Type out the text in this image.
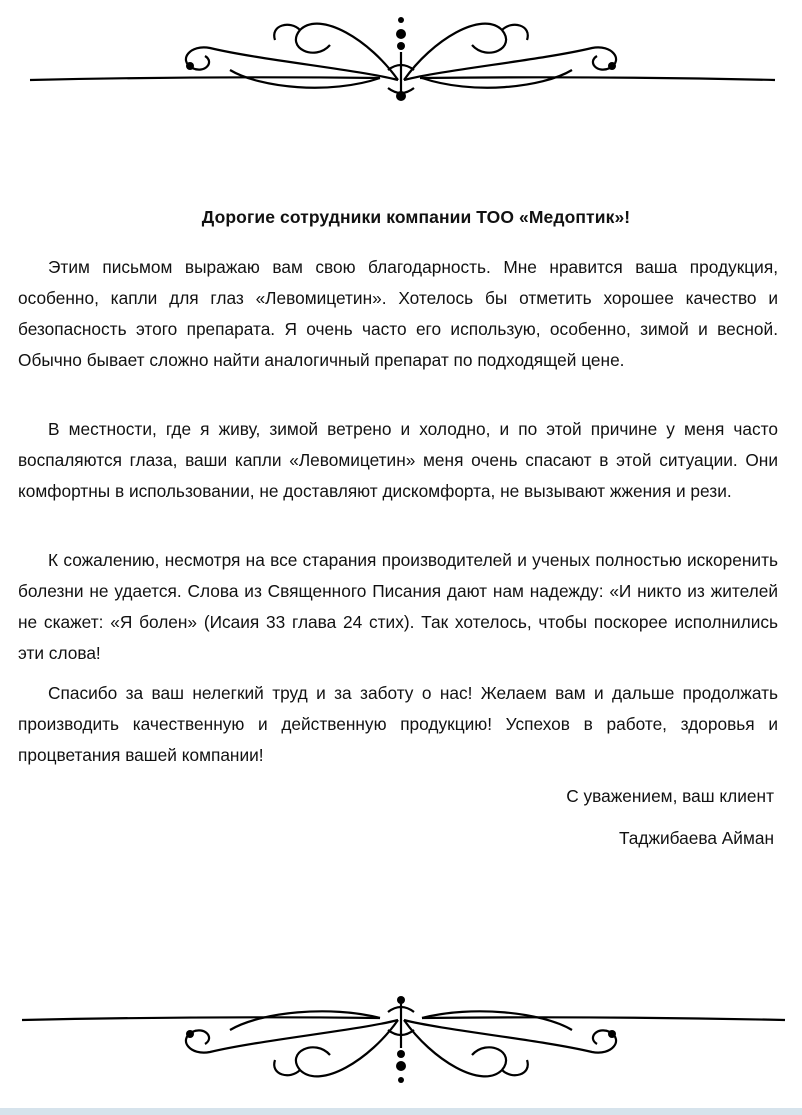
Дорогие сотрудники компании ТОО «Медоптик»!

Этим письмом выражаю вам свою благодарность. Мне нравится ваша продукция, особенно, капли для глаз «Левомицетин». Хотелось бы отметить хорошее качество и безопасность этого препарата. Я очень часто его использую, особенно, зимой и весной. Обычно бывает сложно найти аналогичный препарат по подходящей цене.

В местности, где я живу, зимой ветрено и холодно, и по этой причине у меня часто воспаляются глаза, ваши капли «Левомицетин» меня очень спасают в этой ситуации. Они комфортны в использовании, не доставляют дискомфорта, не вызывают жжения и рези.

К сожалению, несмотря на все старания производителей и ученых полностью искоренить болезни не удается. Слова из Священного Писания дают нам надежду: «И никто из жителей не скажет: «Я болен» (Исаия 33 глава 24 стих). Так хотелось, чтобы поскорее исполнились эти слова!

Спасибо за ваш нелегкий труд и за заботу о нас! Желаем вам и дальше продолжать производить качественную и действенную продукцию! Успехов в работе, здоровья и процветания вашей компании!

С уважением, ваш клиент

Таджибаева Айман
